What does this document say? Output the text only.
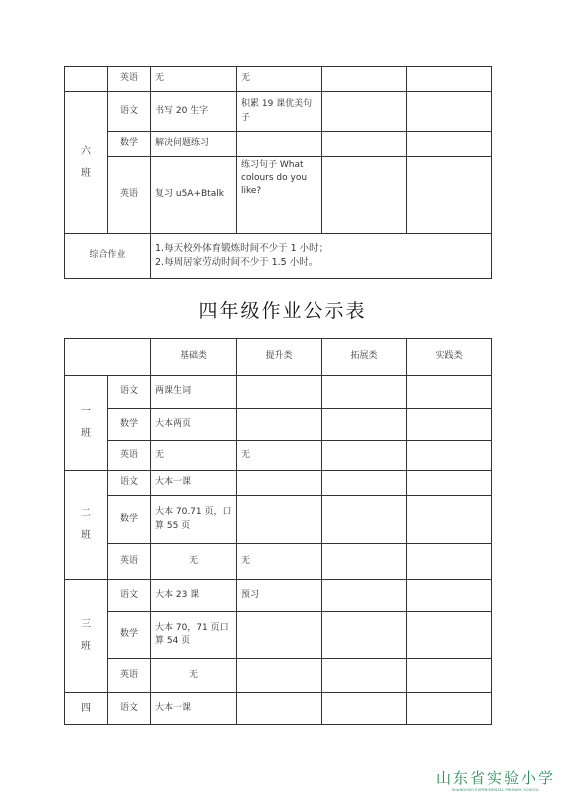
	英语	无	无		
六
班	语文	书写 20 生字	积累 19 课优美句子		
	数学	解决问题练习			
	英语	复习 u5A+Btalk	练习句子 What colours do you like?		
综合作业		1.每天校外体育锻炼时间不少于 1 小时；
2.每周居家劳动时间不少于 1.5 小时。			
四年级作业公示表
		基础类	提升类	拓展类	实践类
一
班	语文	两课生词			
	数学	大本两页			
	英语	无	无		
二
班	语文	大本一课			
	数学	大本 70.71 页，口算 55 页			
	英语	无	无		
三
班	语文	大本 23 课	预习		
	数学	大本 70，71 页口算 54 页			
	英语	无			
四	语文	大本一课			
山东省实验小学
SHANDONG EXPERIMENTAL PRIMARY SCHOOL
